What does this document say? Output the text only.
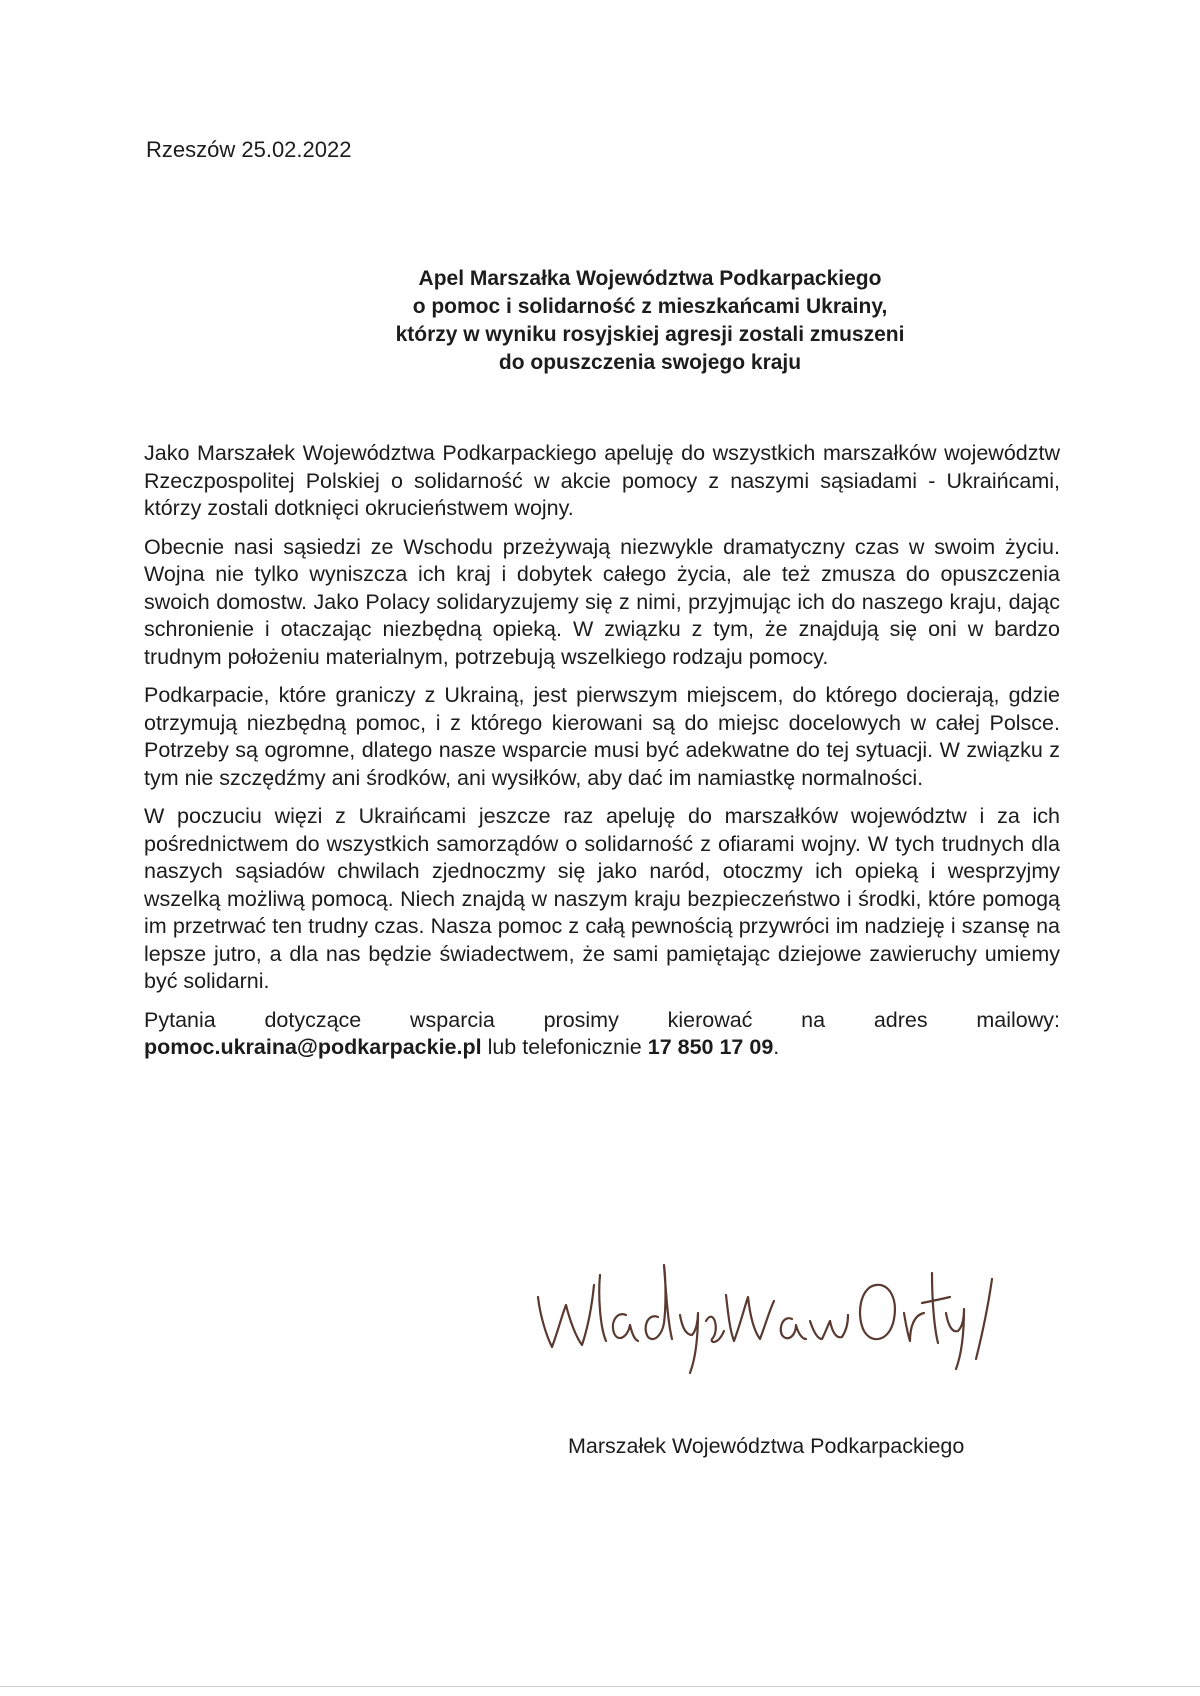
Rzeszów 25.02.2022
Apel Marszałka Województwa Podkarpackiego
o pomoc i solidarność z mieszkańcami Ukrainy,
którzy w wyniku rosyjskiej agresji zostali zmuszeni
do opuszczenia swojego kraju

Jako Marszałek Województwa Podkarpackiego apeluję do wszystkich marszałków województw Rzeczpospolitej Polskiej o solidarność w akcie pomocy z naszymi sąsiadami - Ukraińcami, którzy zostali dotknięci okrucieństwem wojny.

Obecnie nasi sąsiedzi ze Wschodu przeżywają niezwykle dramatyczny czas w swoim życiu. Wojna nie tylko wyniszcza ich kraj i dobytek całego życia, ale też zmusza do opuszczenia swoich domostw. Jako Polacy solidaryzujemy się z nimi, przyjmując ich do naszego kraju, dając schronienie i otaczając niezbędną opieką. W związku z tym, że znajdują się oni w bardzo trudnym położeniu materialnym, potrzebują wszelkiego rodzaju pomocy.

Podkarpacie, które graniczy z Ukrainą, jest pierwszym miejscem, do którego docierają, gdzie otrzymują niezbędną pomoc, i z którego kierowani są do miejsc docelowych w całej Polsce. Potrzeby są ogromne, dlatego nasze wsparcie musi być adekwatne do tej sytuacji. W związku z tym nie szczędźmy ani środków, ani wysiłków, aby dać im namiastkę normalności.

W poczuciu więzi z Ukraińcami jeszcze raz apeluję do marszałków województw i za ich pośrednictwem do wszystkich samorządów o solidarność z ofiarami wojny. W tych trudnych dla naszych sąsiadów chwilach zjednoczmy się jako naród, otoczmy ich opieką i wesprzyjmy wszelką możliwą pomocą. Niech znajdą w naszym kraju bezpieczeństwo i środki, które pomogą im przetrwać ten trudny czas. Nasza pomoc z całą pewnością przywróci im nadzieję i szansę na lepsze jutro, a dla nas będzie świadectwem, że sami pamiętając dziejowe zawieruchy umiemy być solidarni.

Pytania dotyczące wsparcia prosimy kierować na adres mailowy:
pomoc.ukraina@podkarpackie.pl lub telefonicznie 17 850 17 09.

Marszałek Województwa Podkarpackiego
